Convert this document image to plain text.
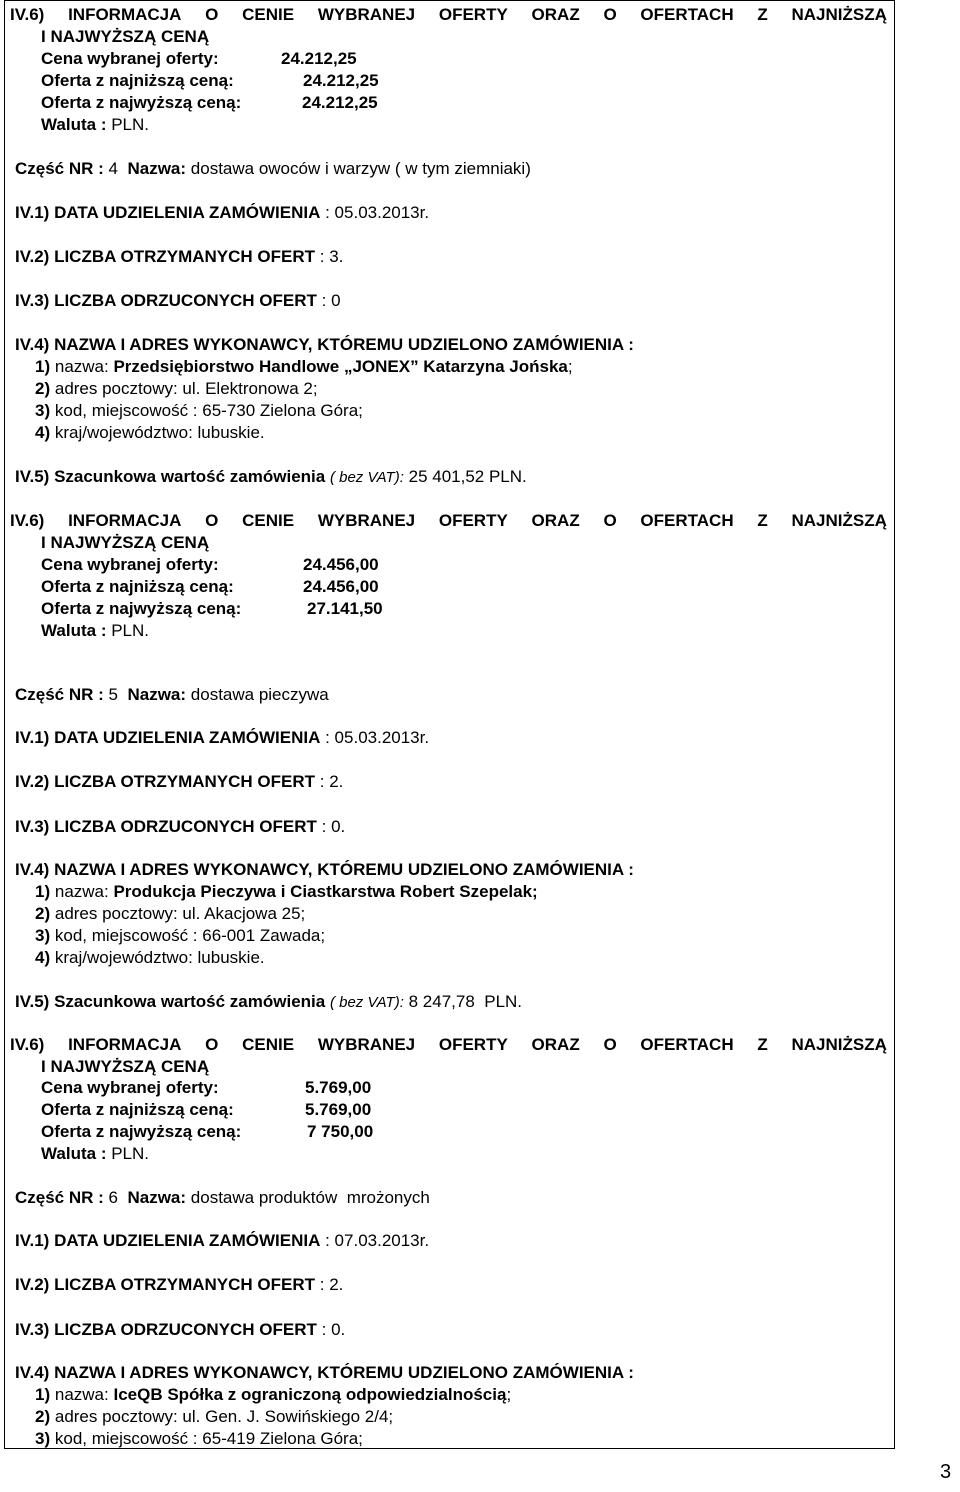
IV.6) INFORMACJA O CENIE WYBRANEJ OFERTY ORAZ O OFERTACH Z NAJNIŻSZĄ
I NAJWYŻSZĄ CENĄ
Cena wybranej oferty:	24.212,25
Oferta z najniższą ceną:	24.212,25
Oferta z najwyższą ceną:	24.212,25
Waluta : PLN.
Część NR : 4 Nazwa: dostawa owoców i warzyw ( w tym ziemniaki)
IV.1) DATA UDZIELENIA ZAMÓWIENIA : 05.03.2013r.
IV.2) LICZBA OTRZYMANYCH OFERT : 3.
IV.3) LICZBA ODRZUCONYCH OFERT : 0
IV.4) NAZWA I ADRES WYKONAWCY, KTÓREMU UDZIELONO ZAMÓWIENIA :
1) nazwa: Przedsiębiorstwo Handlowe „JONEX” Katarzyna Jońska;
2) adres pocztowy: ul. Elektronowa 2;
3) kod, miejscowość : 65-730 Zielona Góra;
4) kraj/województwo: lubuskie.
IV.5) Szacunkowa wartość zamówienia ( bez VAT): 25 401,52 PLN.
IV.6) INFORMACJA O CENIE WYBRANEJ OFERTY ORAZ O OFERTACH Z NAJNIŻSZĄ
I NAJWYŻSZĄ CENĄ
Cena wybranej oferty:	24.456,00
Oferta z najniższą ceną:	24.456,00
Oferta z najwyższą ceną:	27.141,50
Waluta : PLN.
Część NR : 5 Nazwa: dostawa pieczywa
IV.1) DATA UDZIELENIA ZAMÓWIENIA : 05.03.2013r.
IV.2) LICZBA OTRZYMANYCH OFERT : 2.
IV.3) LICZBA ODRZUCONYCH OFERT : 0.
IV.4) NAZWA I ADRES WYKONAWCY, KTÓREMU UDZIELONO ZAMÓWIENIA :
1) nazwa: Produkcja Pieczywa i Ciastkarstwa Robert Szepelak;
2) adres pocztowy: ul. Akacjowa 25;
3) kod, miejscowość : 66-001 Zawada;
4) kraj/województwo: lubuskie.
IV.5) Szacunkowa wartość zamówienia ( bez VAT): 8 247,78  PLN.
IV.6) INFORMACJA O CENIE WYBRANEJ OFERTY ORAZ O OFERTACH Z NAJNIŻSZĄ
I NAJWYŻSZĄ CENĄ
Cena wybranej oferty:	5.769,00
Oferta z najniższą ceną:	5.769,00
Oferta z najwyższą ceną:	7 750,00
Waluta : PLN.
Część NR : 6 Nazwa: dostawa produktów  mrożonych
IV.1) DATA UDZIELENIA ZAMÓWIENIA : 07.03.2013r.
IV.2) LICZBA OTRZYMANYCH OFERT : 2.
IV.3) LICZBA ODRZUCONYCH OFERT : 0.
IV.4) NAZWA I ADRES WYKONAWCY, KTÓREMU UDZIELONO ZAMÓWIENIA :
1) nazwa: IceQB Spółka z ograniczoną odpowiedzialnością;
2) adres pocztowy: ul. Gen. J. Sowińskiego 2/4;
3) kod, miejscowość : 65-419 Zielona Góra;
3
